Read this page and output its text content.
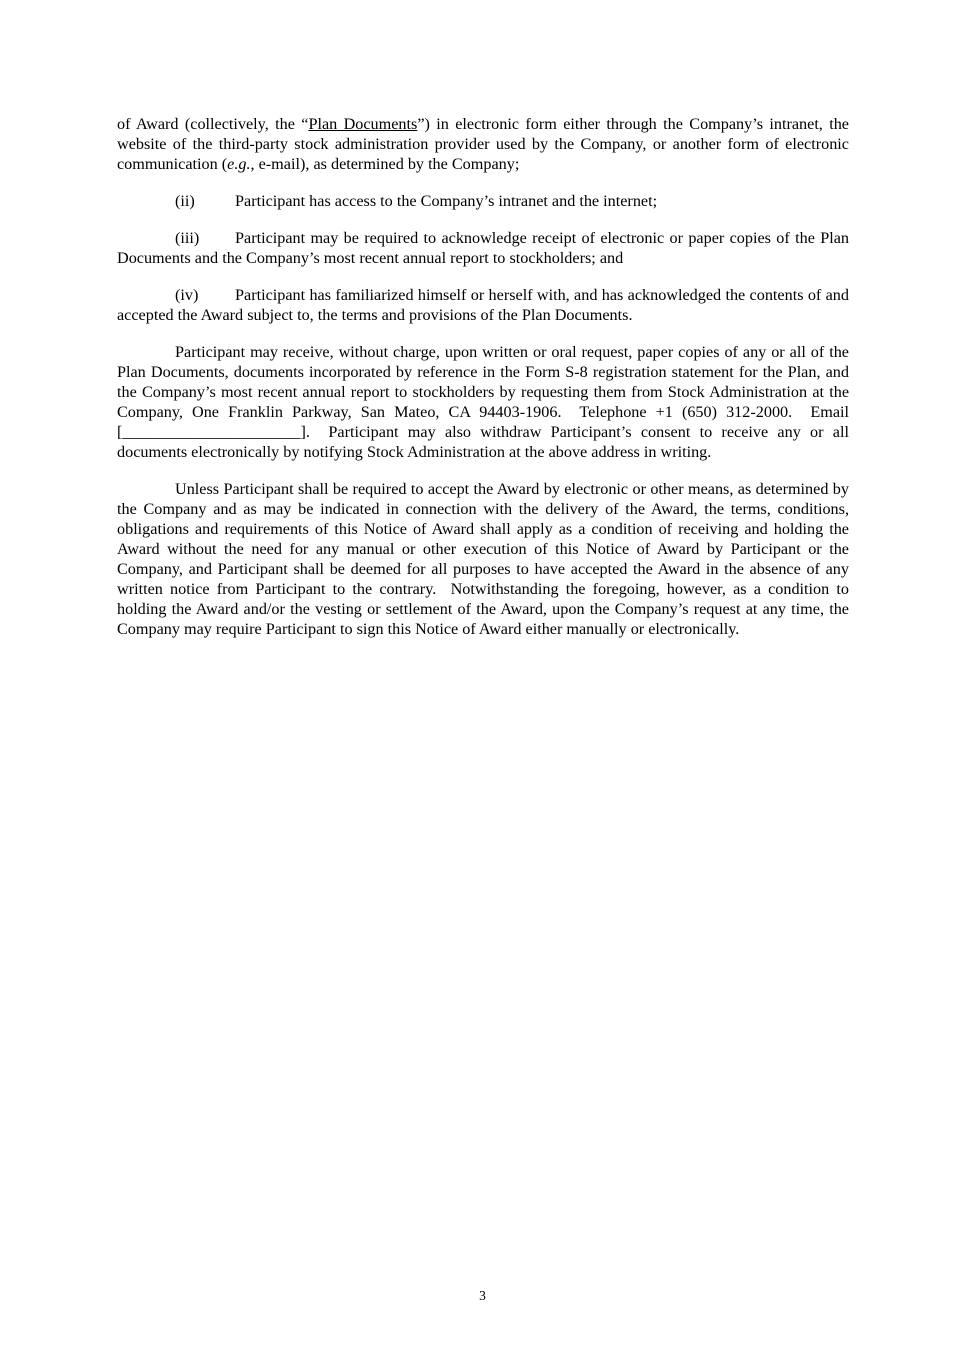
of Award (collectively, the “Plan Documents”) in electronic form either through the Company’s intranet, the website of the third-party stock administration provider used by the Company, or another form of electronic communication (e.g., e-mail), as determined by the Company;

(ii) Participant has access to the Company’s intranet and the internet;

(iii) Participant may be required to acknowledge receipt of electronic or paper copies of the Plan Documents and the Company’s most recent annual report to stockholders; and

(iv) Participant has familiarized himself or herself with, and has acknowledged the contents of and accepted the Award subject to, the terms and provisions of the Plan Documents.

Participant may receive, without charge, upon written or oral request, paper copies of any or all of the Plan Documents, documents incorporated by reference in the Form S-8 registration statement for the Plan, and the Company’s most recent annual report to stockholders by requesting them from Stock Administration at the Company, One Franklin Parkway, San Mateo, CA 94403-1906.  Telephone +1 (650) 312-2000.  Email [______________________].  Participant may also withdraw Participant’s consent to receive any or all documents electronically by notifying Stock Administration at the above address in writing.

Unless Participant shall be required to accept the Award by electronic or other means, as determined by the Company and as may be indicated in connection with the delivery of the Award, the terms, conditions, obligations and requirements of this Notice of Award shall apply as a condition of receiving and holding the Award without the need for any manual or other execution of this Notice of Award by Participant or the Company, and Participant shall be deemed for all purposes to have accepted the Award in the absence of any written notice from Participant to the contrary.  Notwithstanding the foregoing, however, as a condition to holding the Award and/or the vesting or settlement of the Award, upon the Company’s request at any time, the Company may require Participant to sign this Notice of Award either manually or electronically.

3
